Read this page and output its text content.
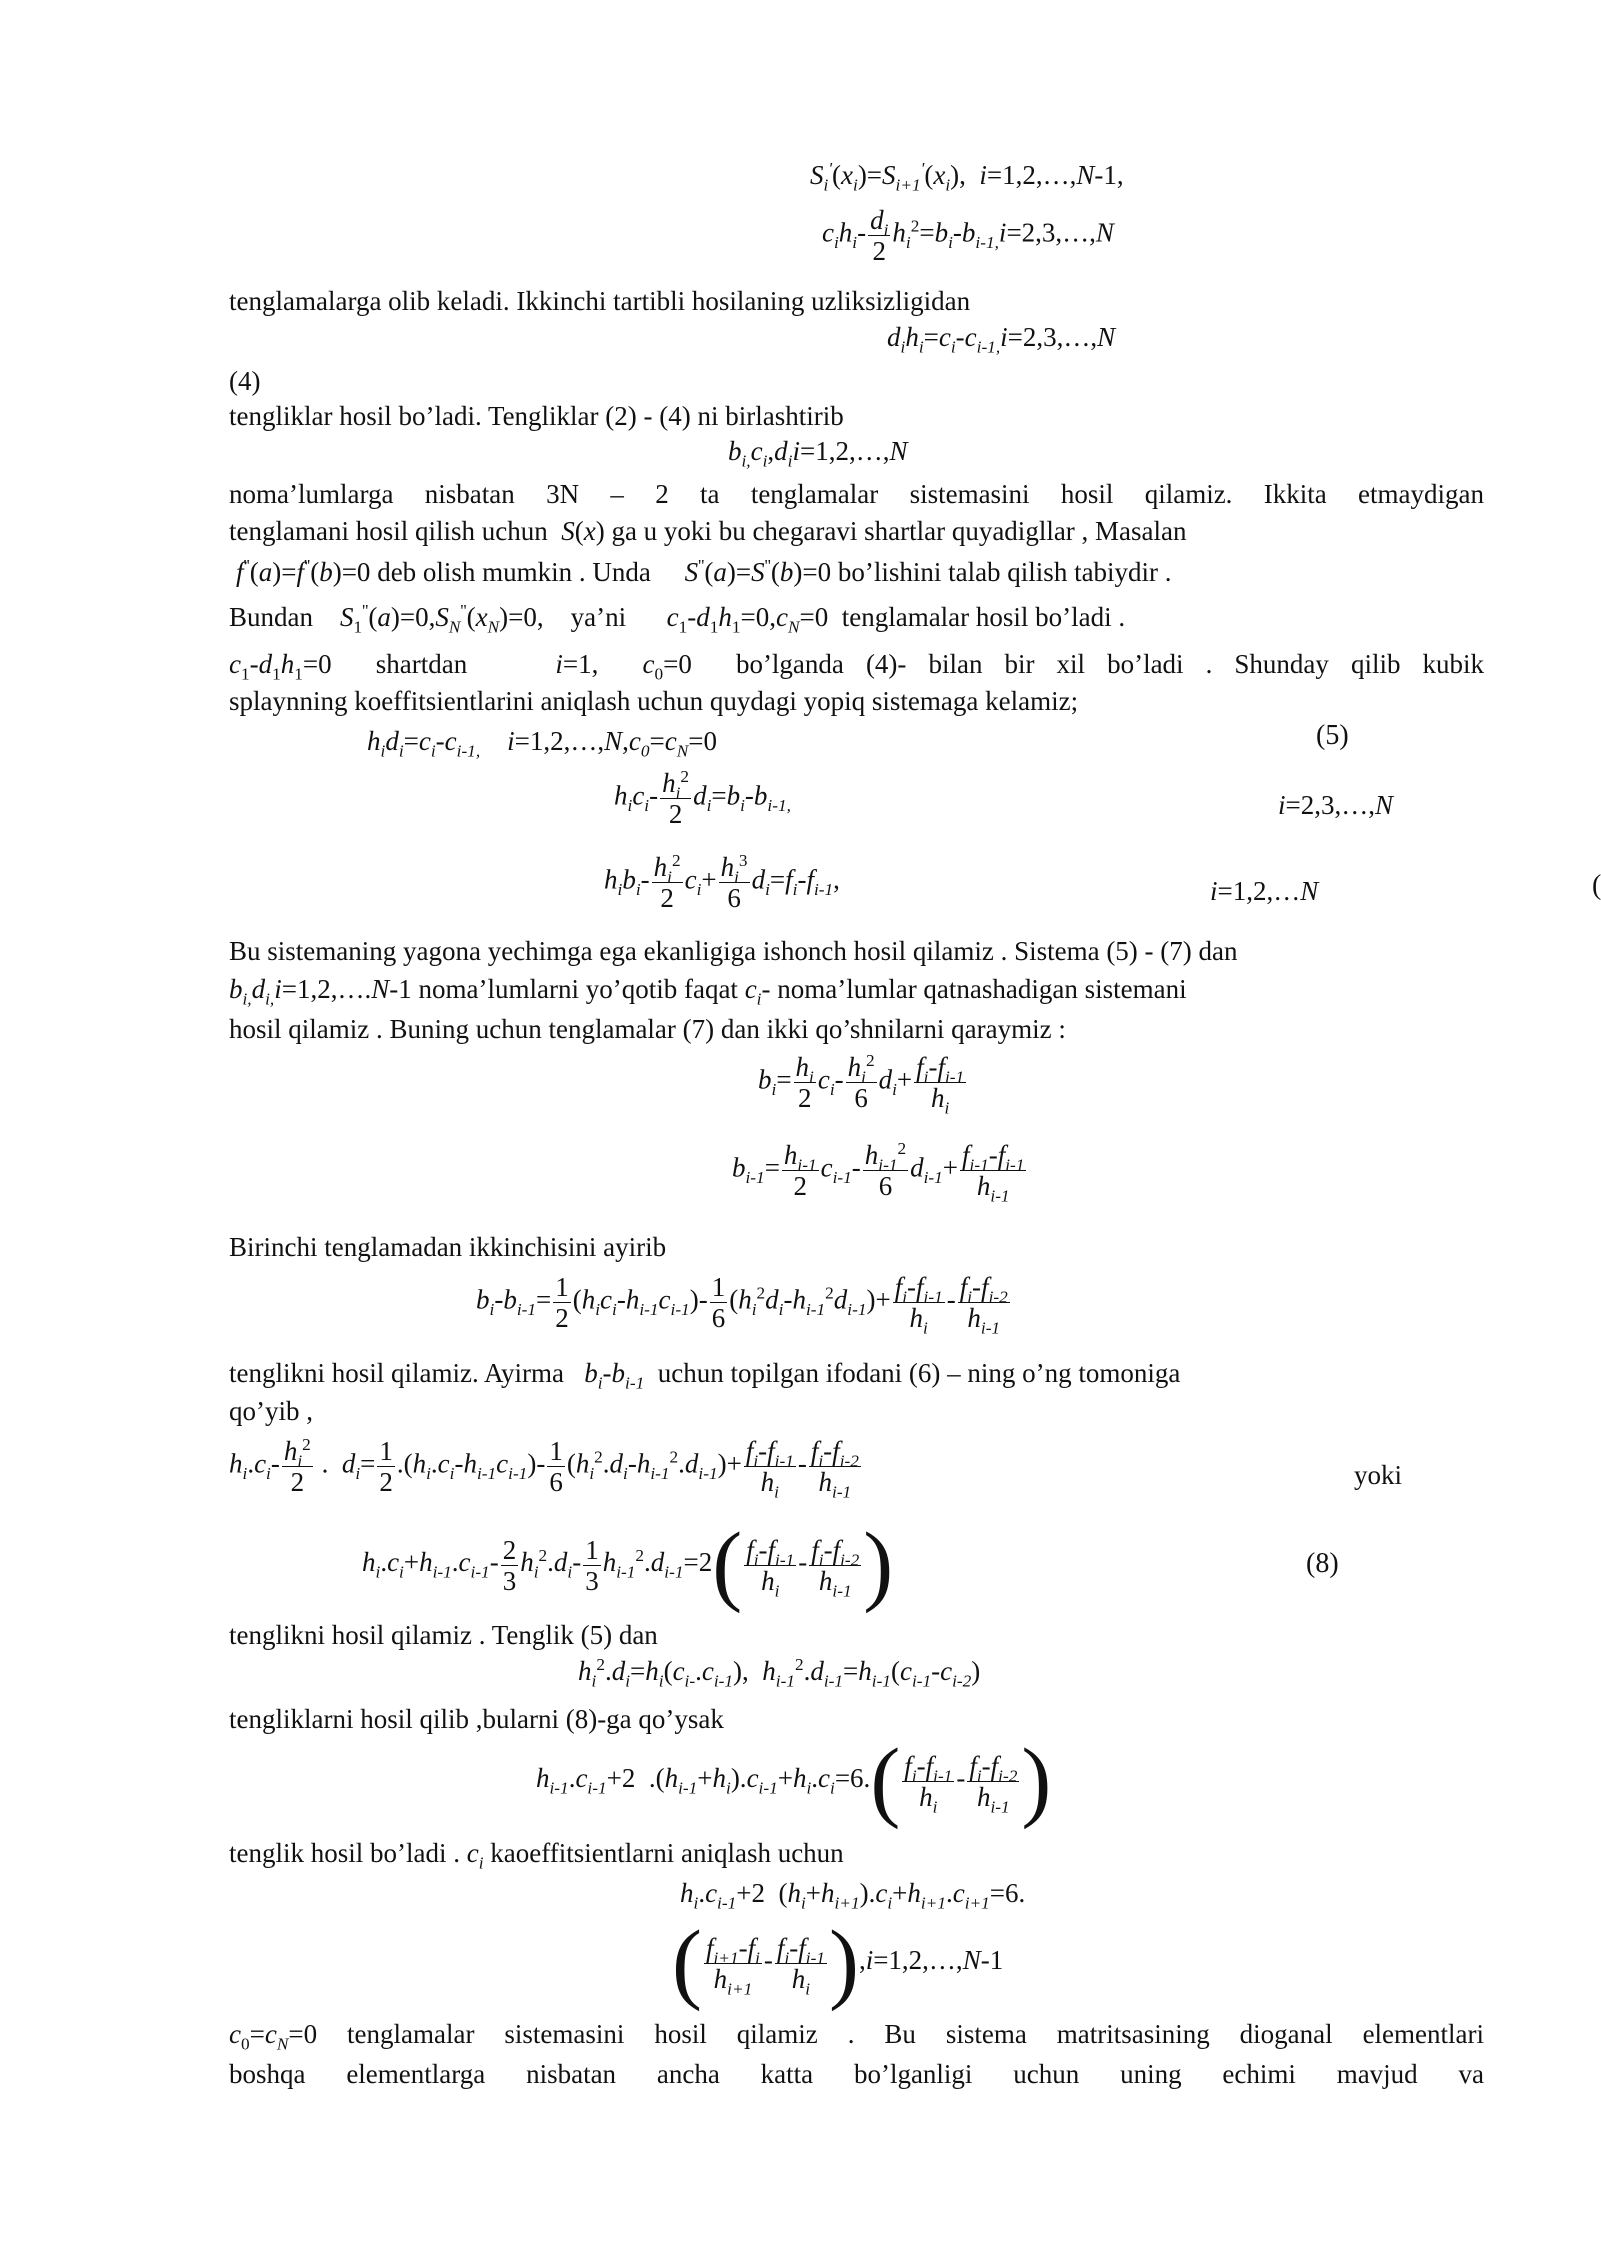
$S_i'(x_i)=S_{i+1}'(x_i)$,  i=1,2,…,N-1,
$c_ih_i- \frac{d_i}{2}$ $h_i^2=b_i-b_{i-1,}i=2,3,\dots,N$
tenglamalarga olib keladi. Ikkinchi tartibli hosilaning uzliksizligidan
$d_ih_i=c_i-c_{i-1,}i=2,3,\dots,N$
(4)
tengliklar hosil bo’ladi. Tengliklar (2) - (4) ni birlashtirib
$b_{i,}c_i,d_ii=1,2,\dots,N$
noma’lumlarga nisbatan 3N – 2 ta tenglamalar sistemasini hosil qilamiz. Ikkita etmaydigan
tenglamani hosil qilish uchun S(x) ga u yoki bu chegaravi shartlar quyadigllar , Masalan
f''(a)=f''(b)=0 deb olish mumkin . Unda S''(a)=S''(b)=0 bo’lishini talab qilish tabiydir .
Bundan $S_1''(a)=0,S_N''(x_N)=0$,    ya’ni $c_1-d_1h_1=0,c_N=0$  tenglamalar hosil bo’ladi .
$c_1-d_1h_1=0$  shartdan	i=1,  $c_0=0$  bo’lganda (4)- bilan bir xil bo’ladi . Shunday qilib kubik
splaynning koeffitsientlarini aniqlash uchun quydagi yopiq sistemaga kelamiz;
$h_id_i=c_i-c_{i-1,}$    $i=1,2,\dots,N,c_0=c_N=0$	(5)
$h_ic_i- \frac{h_i^2}{2} d_i=b_i-b_{i-1,}$	i=2,3,…,N
$h_ib_i- \frac{h_i^2}{2} c_i+ \frac{h_i^3}{6} d_i=f_i-f_{i-1}$,	i=1,2,…N	(
Bu sistemaning yagona yechimga ega ekanligiga ishonch hosil qilamiz . Sistema (5) - (7) dan
$b_{i,}d_{i,}i=1,2,\dots.N-1$ noma’lumlarni yo’qotib faqat $c_i-$ noma’lumlar qatnashadigan sistemani
hosil qilamiz . Buning uchun tenglamalar (7) dan ikki qo’shnilarni qaraymiz :
$b_i= \frac{h_i}{2} c_i- \frac{h_i^2}{6} d_i+ \frac{f_i-f_{i-1}}{h_i}$
$b_{i-1}= \frac{h_{i-1}}{2} c_{i-1}- \frac{h_{i-1}^2}{6} d_{i-1}+ \frac{f_{i-1}-f_{i-1}}{h_{i-1}}$
Birinchi tenglamadan ikkinchisini ayirib
$b_i-b_{i-1}= \frac{1}{2} (h_ic_i-h_{i-1}c_{i-1})- \frac{1}{6} (h_i^2d_i-h_{i-1}^2d_{i-1})+ \frac{f_i-f_{i-1}}{h_i} - \frac{f_i-f_{i-2}}{h_{i-1}}$
tenglikni hosil qilamiz. Ayirma $b_i-b_{i-1}$ uchun topilgan ifodani (6) – ning o’ng tomoniga
qo’yib ,
$h_i.c_i- \frac{h_i^2}{2}$ .  $d_i= \frac{1}{2} .(h_i.c_i-h_{i-1}c_{i-1})- \frac{1}{6} (h_i^2.d_i-h_{i-1}^2.d_{i-1})+ \frac{f_i-f_{i-1}}{h_i} - \frac{f_i-f_{i-2}}{h_{i-1}}$	yoki
$h_i.c_i+h_{i-1}.c_{i-1}- \frac{2}{3} h_i^2.d_i- \frac{1}{3} h_{i-1}^2.d_{i-1}=2( \frac{f_i-f_{i-1}}{h_i} - \frac{f_i-f_{i-2}}{h_{i-1}}$ )	(8)
tenglikni hosil qilamiz . Tenglik (5) dan
$h_i^2.d_i=h_i(c_{i-}.c_{i-1})$,  $h_{i-1}^2.d_{i-1}=h_{i-1}(c_{i-1}-c_{i-2})$
tengliklarni hosil qilib ,bularni (8)-ga qo’ysak
$h_{i-1}.c_{i-1}+2$  $.(h_{i-1}+h_i).c_{i-1}+h_i.c_i=6.( \frac{f_i-f_{i-1}}{h_i} - \frac{f_i-f_{i-2}}{h_{i-1}}$ )
tenglik hosil bo’ladi . $c_i$ kaoeffitsientlarni aniqlash uchun
$h_i.c_{i-1}+2$  $(h_i+h_{i+1}).c_i+h_{i+1}.c_{i+1}=6$.
( $\frac{f_{i+1}-f_i}{h_{i+1}} - \frac{f_i-f_{i-1}}{h_i}$ ),i=1,2,…,N-1
$c_0=c_N=0$ tenglamalar sistemasini hosil qilamiz . Bu sistema matritsasining dioganal elementlari
boshqa elementlarga nisbatan ancha katta bo’lganligi uchun uning echimi mavjud va
